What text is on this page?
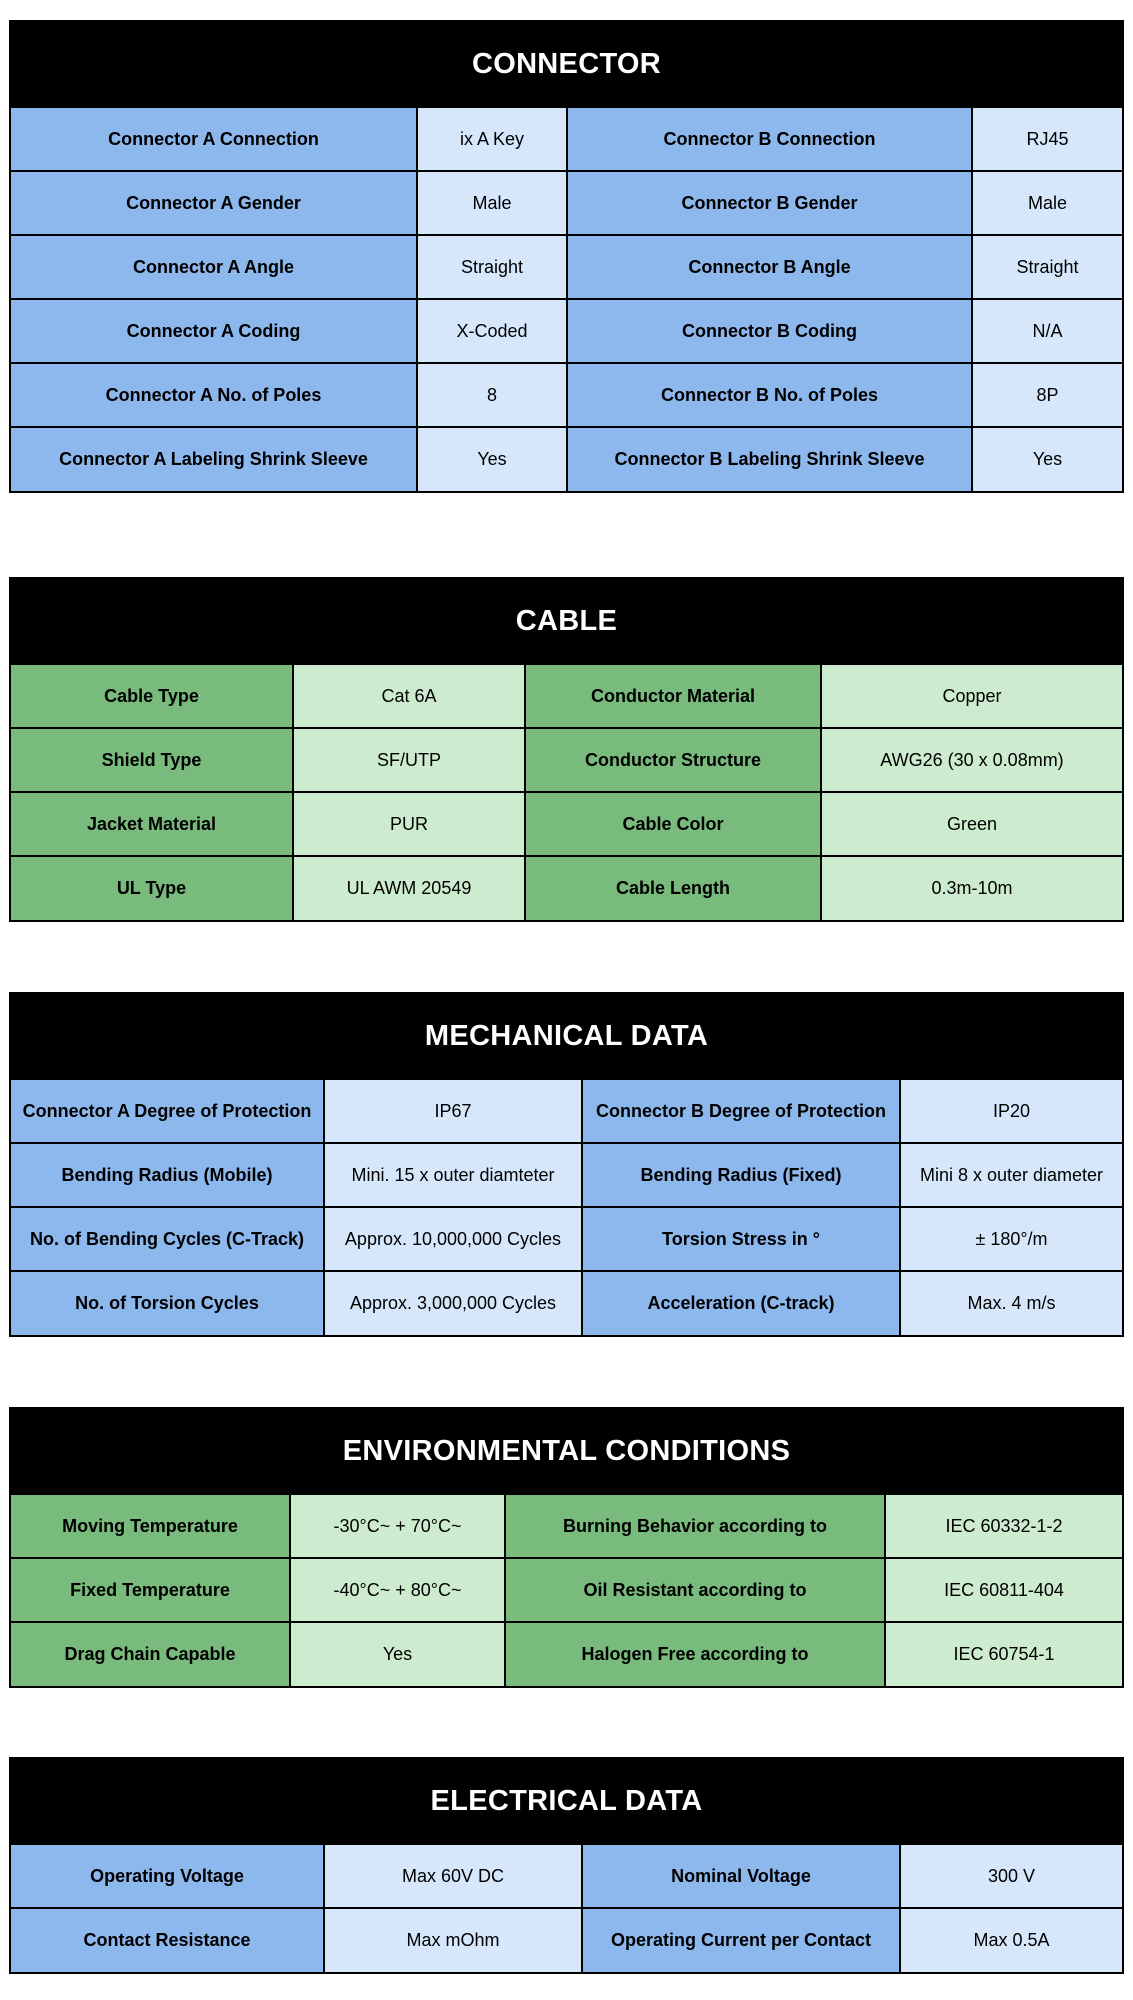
CONNECTOR
Connector A Connection	ix A Key	Connector B Connection	RJ45
Connector A Gender	Male	Connector B Gender	Male
Connector A Angle	Straight	Connector B Angle	Straight
Connector A Coding	X-Coded	Connector B Coding	N/A
Connector A No. of Poles	8	Connector B No. of Poles	8P
Connector A Labeling Shrink Sleeve	Yes	Connector B Labeling Shrink Sleeve	Yes
CABLE
Cable Type	Cat 6A	Conductor Material	Copper
Shield Type	SF/UTP	Conductor Structure	AWG26 (30 x 0.08mm)
Jacket Material	PUR	Cable Color	Green
UL Type	UL AWM 20549	Cable Length	0.3m-10m
MECHANICAL DATA
Connector A Degree of Protection	IP67	Connector B Degree of Protection	IP20
Bending Radius (Mobile)	Mini. 15 x outer diamteter	Bending Radius (Fixed)	Mini 8 x outer diameter
No. of Bending Cycles (C-Track)	Approx. 10,000,000 Cycles	Torsion Stress in °	± 180°/m
No. of Torsion Cycles	Approx. 3,000,000 Cycles	Acceleration (C-track)	Max. 4 m/s
ENVIRONMENTAL CONDITIONS
Moving Temperature	-30°C~ + 70°C~	Burning Behavior according to	IEC 60332-1-2
Fixed Temperature	-40°C~ + 80°C~	Oil Resistant according to	IEC 60811-404
Drag Chain Capable	Yes	Halogen Free according to	IEC 60754-1
ELECTRICAL DATA
Operating Voltage	Max 60V DC	Nominal Voltage	300 V
Contact Resistance	Max mOhm	Operating Current per Contact	Max 0.5A
